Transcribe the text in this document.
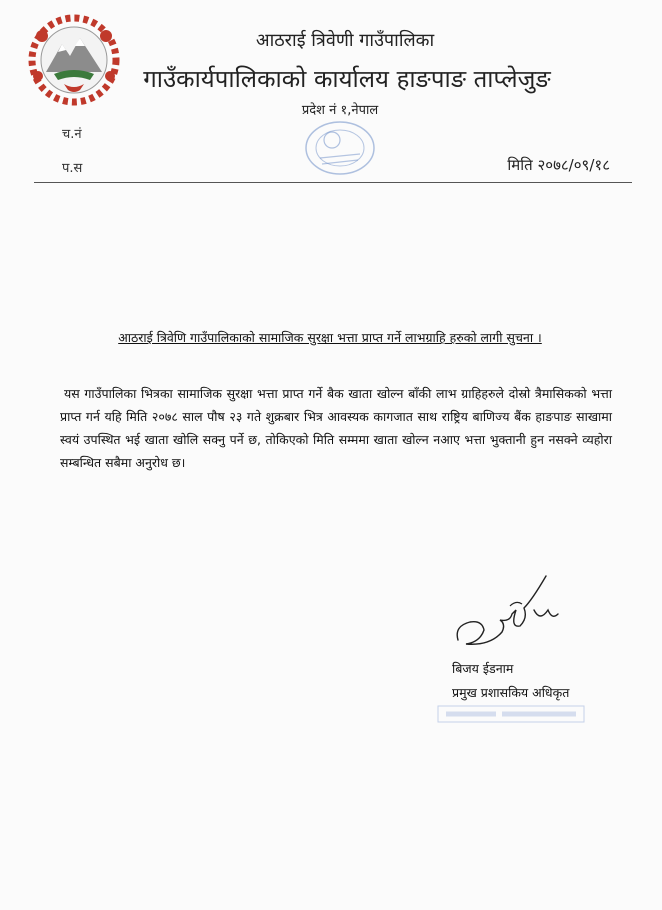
आठराई त्रिवेणी गाउँपालिका
गाउँकार्यपालिकाको कार्यालय हाङपाङ ताप्लेजुङ
प्रदेश नं १,नेपाल
च.नं
प.स	मिति २०७८/०९/१८
आठराई त्रिवेणि गाउँपालिकाको सामाजिक सुरक्षा भत्ता प्राप्त गर्ने लाभग्राहि हरुको लागी सुचना ।
यस गाउँपालिका भित्रका सामाजिक सुरक्षा भत्ता प्राप्त गर्ने बैक खाता खोल्न बाँकी लाभ ग्राहिहरुले दोस्रो त्रैमासिकको भत्ता प्राप्त गर्न यहि मिति २०७८ साल पौष २३ गते शुक्रबार भित्र आवस्यक कागजात साथ राष्ट्रिय बाणिज्य बैंक हाङपाङ साखामा स्वयं उपस्थित भई खाता खोलि सक्नु पर्ने छ, तोकिएको मिति सम्ममा खाता खोल्न नआए भत्ता भुक्तानी हुन नसक्ने व्यहोरा सम्बन्धित सबैमा अनुरोध छ।
बिजय ईडनाम
प्रमुख प्रशासकिय अधिकृत
